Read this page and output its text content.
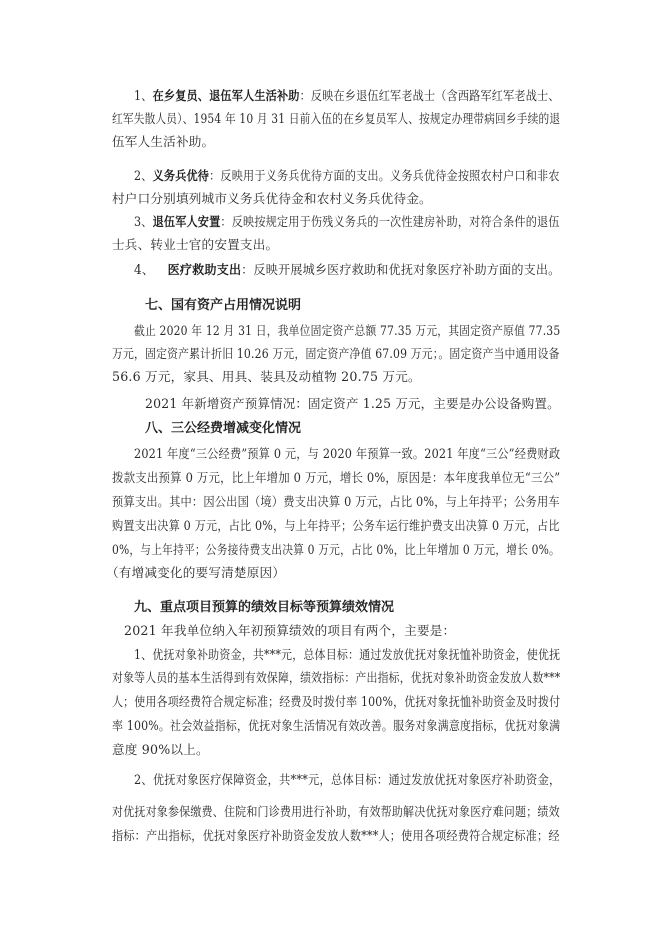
1、在乡复员、退伍军人生活补助：反映在乡退伍红军老战士（含西路军红军老战士、
红军失散人员）、1954 年 10 月 31 日前入伍的在乡复员军人、按规定办理带病回乡手续的退
伍军人生活补助。
2、义务兵优待：反映用于义务兵优待方面的支出。义务兵优待金按照农村户口和非农
村户口分别填列城市义务兵优待金和农村义务兵优待金。
3、退伍军人安置：反映按规定用于伤残义务兵的一次性建房补助，对符合条件的退伍
士兵、转业士官的安置支出。
4、 医疗救助支出：反映开展城乡医疗救助和优抚对象医疗补助方面的支出。
七、国有资产占用情况说明
截止 2020 年 12 月 31 日，我单位固定资产总额 77.35 万元，其固定资产原值 77.35
万元，固定资产累计折旧 10.26 万元，固定资产净值 67.09 万元；。固定资产当中通用设备
56.6 万元，家具、用具、装具及动植物 20.75 万元。
2021 年新增资产预算情况：固定资产 1.25 万元，主要是办公设备购置。
八、三公经费增减变化情况
2021 年度“三公经费”预算 0 元，与 2020 年预算一致。2021 年度“三公”经费财政
拨款支出预算 0 万元，比上年增加 0 万元，增长 0%，原因是：本年度我单位无“三公”
预算支出。其中：因公出国（境）费支出决算 0 万元，占比 0%，与上年持平；公务用车
购置支出决算 0 万元，占比 0%，与上年持平；公务车运行维护费支出决算 0 万元，占比
0%，与上年持平；公务接待费支出决算 0 万元，占比 0%，比上年增加 0 万元，增长 0%。
（有增减变化的要写清楚原因）
九、重点项目预算的绩效目标等预算绩效情况
2021 年我单位纳入年初预算绩效的项目有两个，主要是：
1、优抚对象补助资金，共***元，总体目标：通过发放优抚对象抚恤补助资金，使优抚
对象等人员的基本生活得到有效保障，绩效指标：产出指标，优抚对象补助资金发放人数***
人；使用各项经费符合规定标准；经费及时拨付率 100%，优抚对象抚恤补助资金及时拨付
率 100%。社会效益指标，优抚对象生活情况有效改善。服务对象满意度指标，优抚对象满
意度 90%以上。
2、优抚对象医疗保障资金，共***元，总体目标：通过发放优抚对象医疗补助资金，
对优抚对象参保缴费、住院和门诊费用进行补助，有效帮助解决优抚对象医疗难问题；绩效
指标：产出指标，优抚对象医疗补助资金发放人数***人；使用各项经费符合规定标准；经
